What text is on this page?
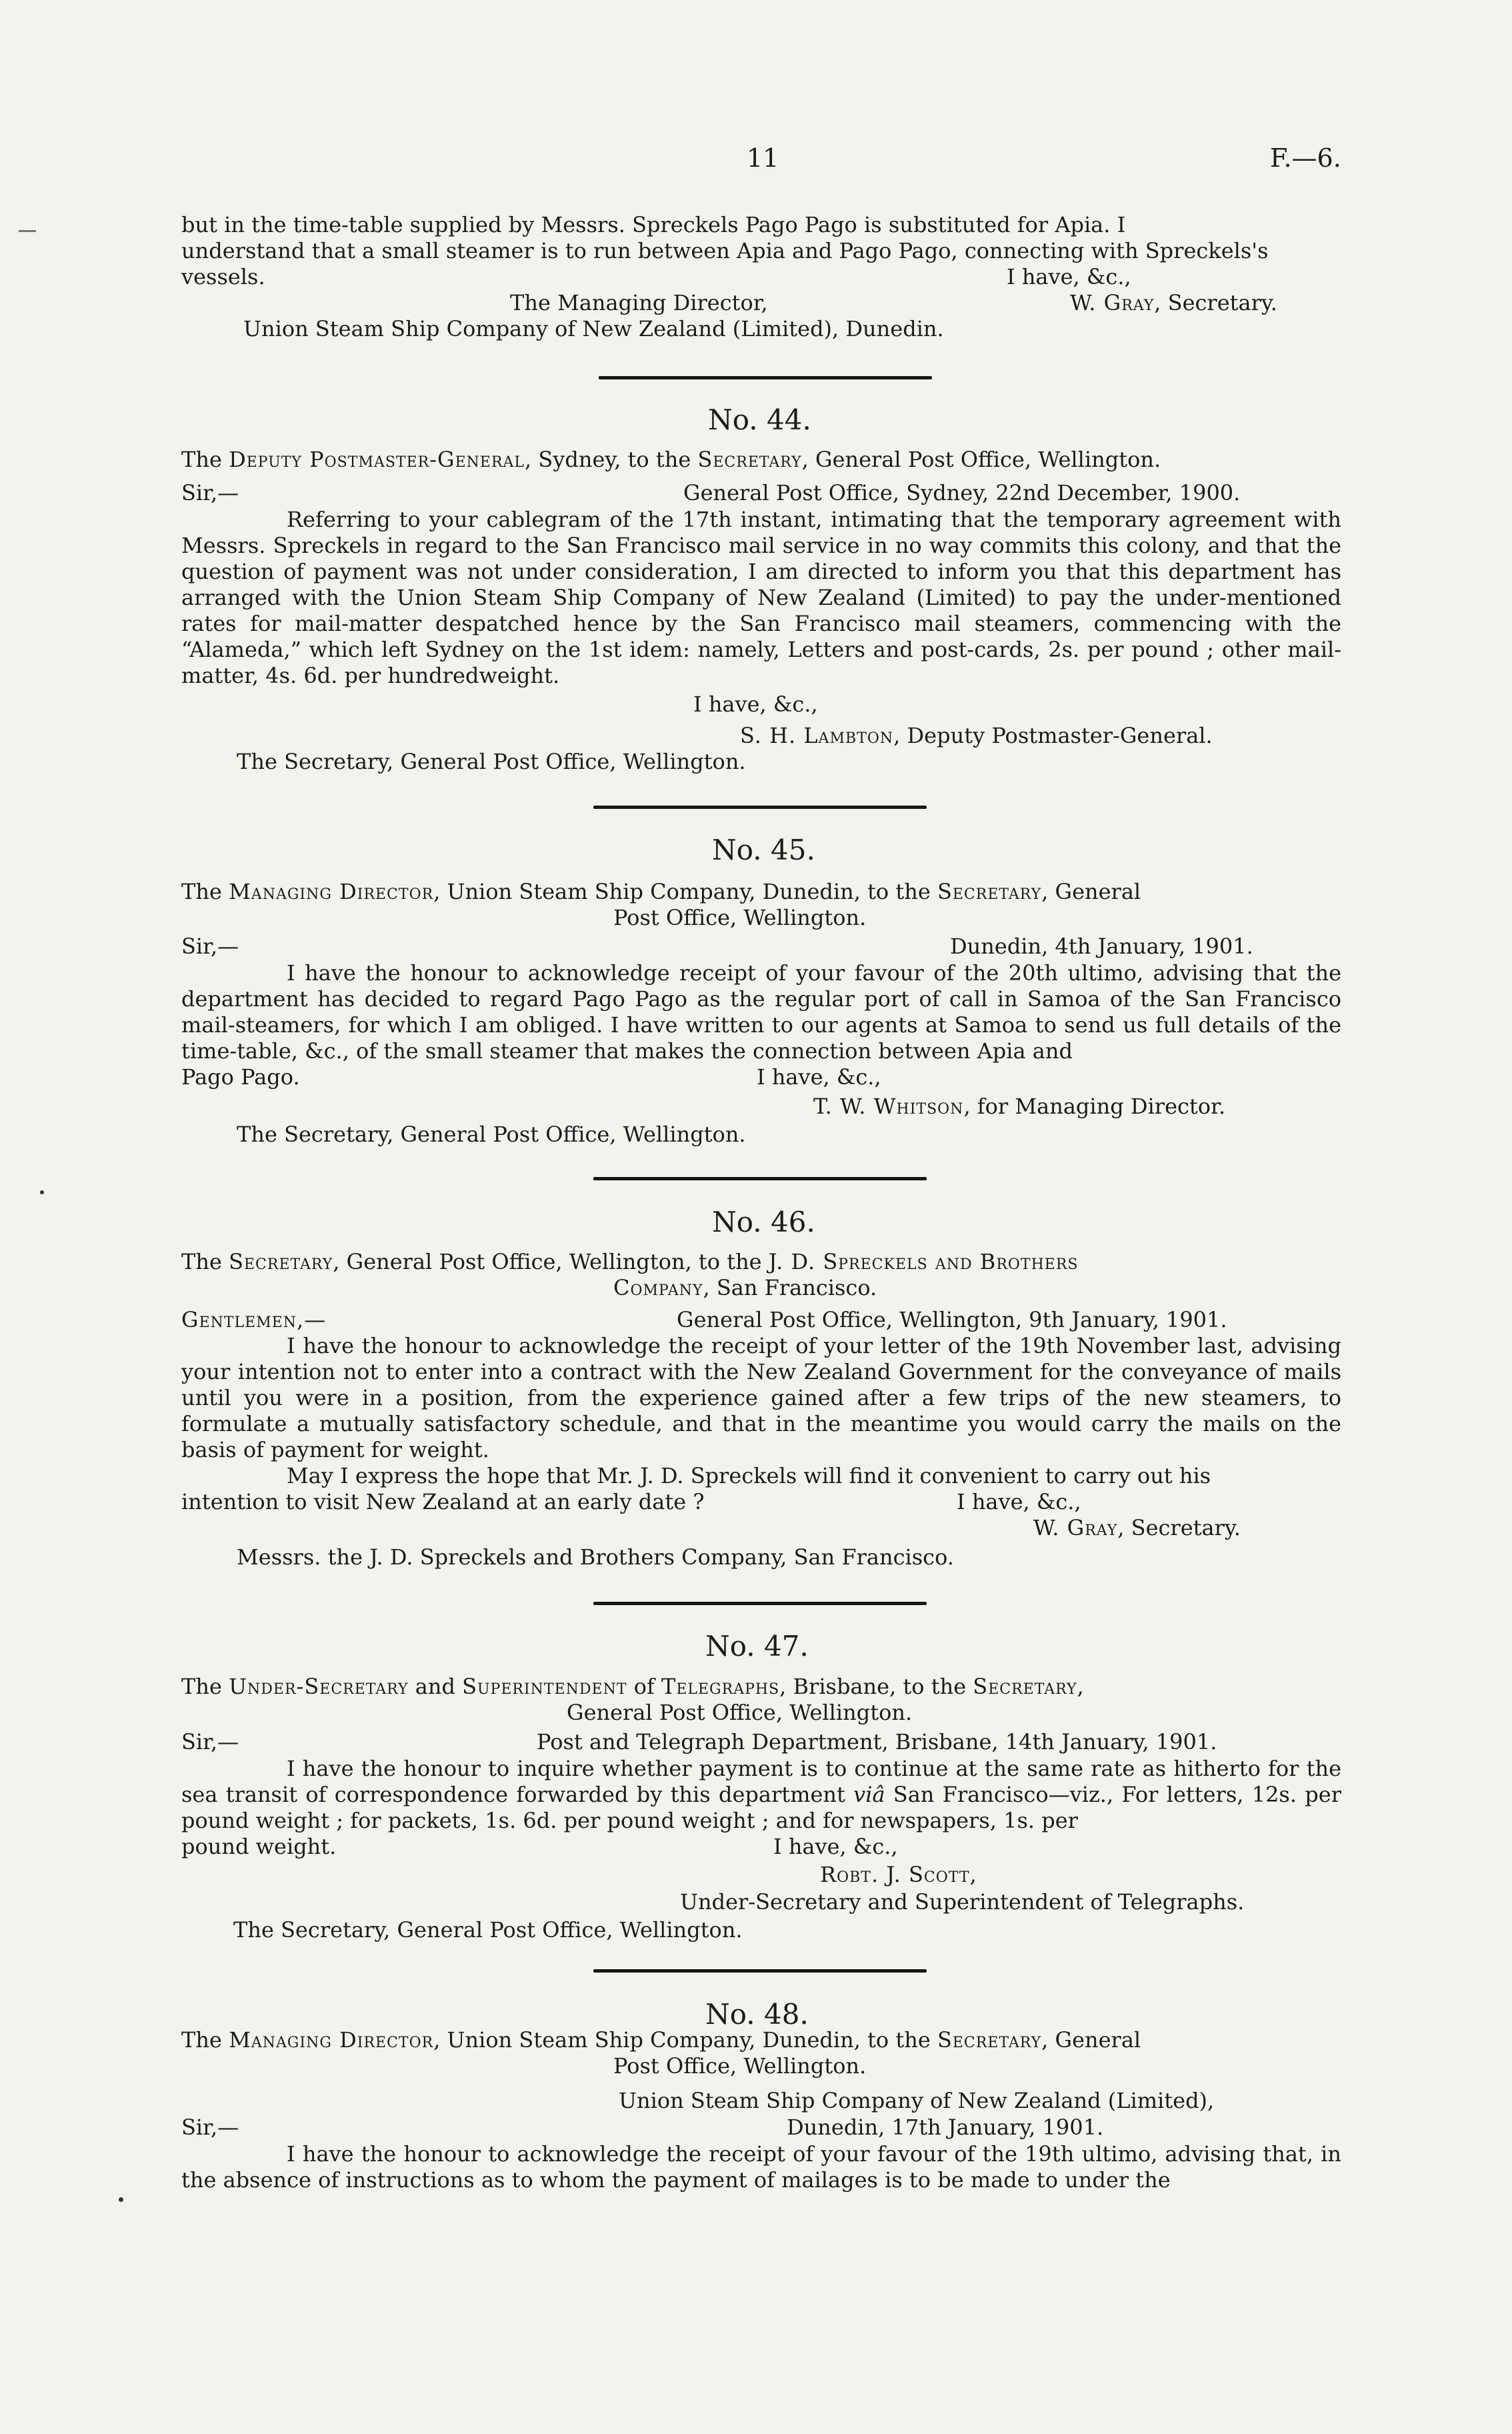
11	F.—6.
but in the time-table supplied by Messrs. Spreckels Pago Pago is substituted for Apia. I
understand that a small steamer is to run between Apia and Pago Pago, connecting with Spreckels's
vessels.	I have, &c.,
The Managing Director,	W. Gray, Secretary.
Union Steam Ship Company of New Zealand (Limited), Dunedin.
No. 44.
The Deputy Postmaster-General, Sydney, to the Secretary, General Post Office, Wellington.
Sir,—	General Post Office, Sydney, 22nd December, 1900.
Referring to your cablegram of the 17th instant, intimating that the temporary agreement with Messrs. Spreckels in regard to the San Francisco mail service in no way commits this colony, and that the question of payment was not under consideration, I am directed to inform you that this department has arranged with the Union Steam Ship Company of New Zealand (Limited) to pay the under-mentioned rates for mail-matter despatched hence by the San Francisco mail steamers, commencing with the “Alameda,” which left Sydney on the 1st idem: namely, Letters and post-cards, 2s. per pound ; other mail-matter, 4s. 6d. per hundredweight.
I have, &c.,
S. H. Lambton, Deputy Postmaster-General.
The Secretary, General Post Office, Wellington.
No. 45.
The Managing Director, Union Steam Ship Company, Dunedin, to the Secretary, General
Post Office, Wellington.
Sir,—	Dunedin, 4th January, 1901.
I have the honour to acknowledge receipt of your favour of the 20th ultimo, advising that the department has decided to regard Pago Pago as the regular port of call in Samoa of the San Francisco mail-steamers, for which I am obliged. I have written to our agents at Samoa to send us full details of the time-table, &c., of the small steamer that makes the connection between Apia and
Pago Pago.	I have, &c.,
T. W. Whitson, for Managing Director.
The Secretary, General Post Office, Wellington.
No. 46.
The Secretary, General Post Office, Wellington, to the J. D. Spreckels and Brothers
Company, San Francisco.
Gentlemen,—	General Post Office, Wellington, 9th January, 1901.
I have the honour to acknowledge the receipt of your letter of the 19th November last, advising your intention not to enter into a contract with the New Zealand Government for the conveyance of mails until you were in a position, from the experience gained after a few trips of the new steamers, to formulate a mutually satisfactory schedule, and that in the meantime you would carry the mails on the basis of payment for weight.
May I express the hope that Mr. J. D. Spreckels will find it convenient to carry out his
intention to visit New Zealand at an early date ?	I have, &c.,
W. Gray, Secretary.
Messrs. the J. D. Spreckels and Brothers Company, San Francisco.
No. 47.
The Under-Secretary and Superintendent of Telegraphs, Brisbane, to the Secretary,
General Post Office, Wellington.
Sir,—	Post and Telegraph Department, Brisbane, 14th January, 1901.
I have the honour to inquire whether payment is to continue at the same rate as hitherto for the sea transit of correspondence forwarded by this department viâ San Francisco—viz., For letters, 12s. per pound weight ; for packets, 1s. 6d. per pound weight ; and for newspapers, 1s. per
pound weight.	I have, &c.,
Robt. J. Scott,
Under-Secretary and Superintendent of Telegraphs.
The Secretary, General Post Office, Wellington.
No. 48.
The Managing Director, Union Steam Ship Company, Dunedin, to the Secretary, General
Post Office, Wellington.
Union Steam Ship Company of New Zealand (Limited),
Sir,—	Dunedin, 17th January, 1901.
I have the honour to acknowledge the receipt of your favour of the 19th ultimo, advising that, in the absence of instructions as to whom the payment of mailages is to be made to under the
